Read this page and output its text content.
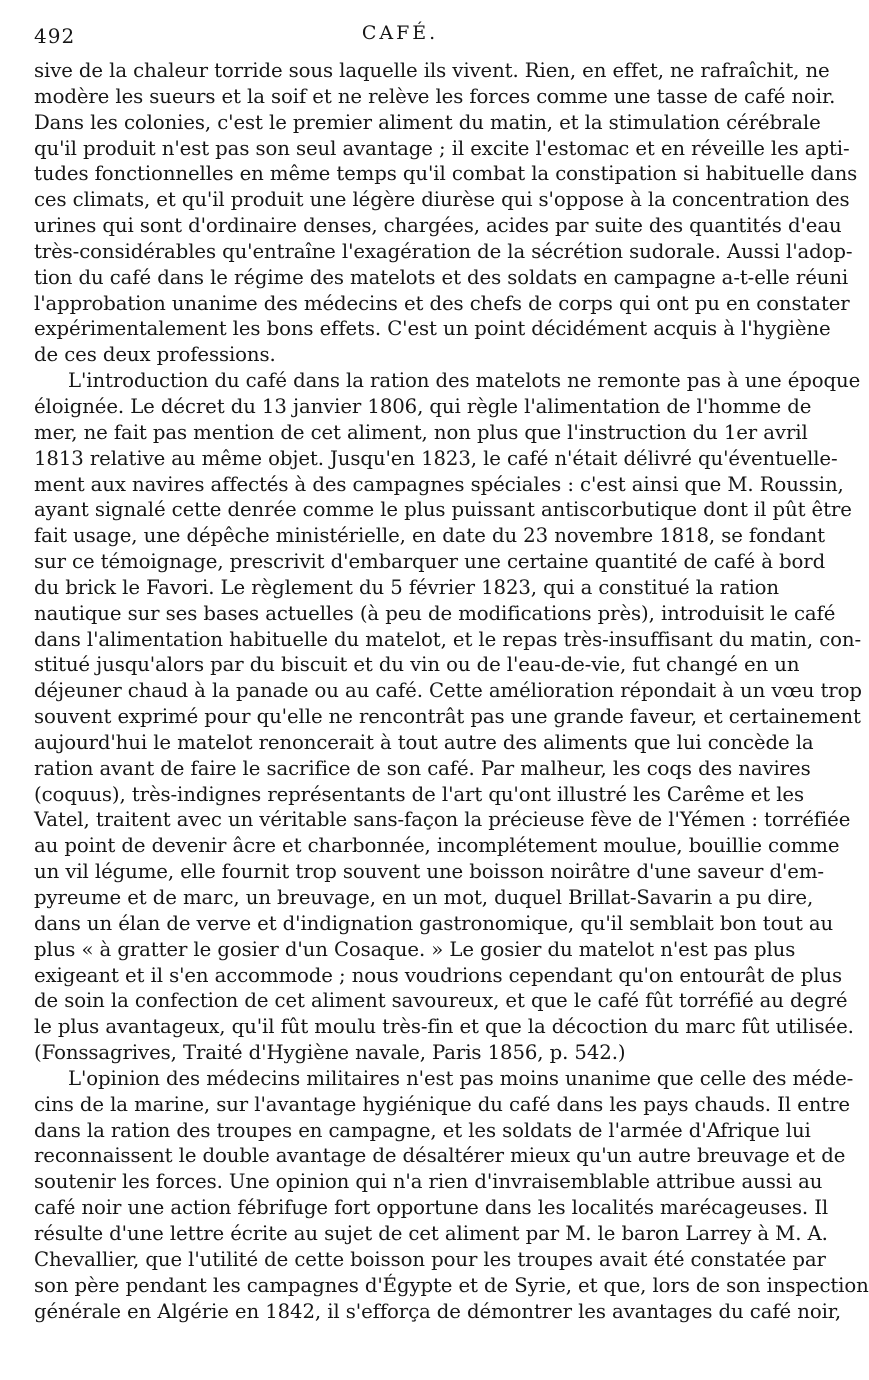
492	CAFÉ.
sive de la chaleur torride sous laquelle ils vivent. Rien, en effet, ne rafraîchit, ne
modère les sueurs et la soif et ne relève les forces comme une tasse de café noir.
Dans les colonies, c'est le premier aliment du matin, et la stimulation cérébrale
qu'il produit n'est pas son seul avantage ; il excite l'estomac et en réveille les apti-
tudes fonctionnelles en même temps qu'il combat la constipation si habituelle dans
ces climats, et qu'il produit une légère diurèse qui s'oppose à la concentration des
urines qui sont d'ordinaire denses, chargées, acides par suite des quantités d'eau
très-considérables qu'entraîne l'exagération de la sécrétion sudorale. Aussi l'adop-
tion du café dans le régime des matelots et des soldats en campagne a-t-elle réuni
l'approbation unanime des médecins et des chefs de corps qui ont pu en constater
expérimentalement les bons effets. C'est un point décidément acquis à l'hygiène
de ces deux professions.
L'introduction du café dans la ration des matelots ne remonte pas à une époque
éloignée. Le décret du 13 janvier 1806, qui règle l'alimentation de l'homme de
mer, ne fait pas mention de cet aliment, non plus que l'instruction du 1er avril
1813 relative au même objet. Jusqu'en 1823, le café n'était délivré qu'éventuelle-
ment aux navires affectés à des campagnes spéciales : c'est ainsi que M. Roussin,
ayant signalé cette denrée comme le plus puissant antiscorbutique dont il pût être
fait usage, une dépêche ministérielle, en date du 23 novembre 1818, se fondant
sur ce témoignage, prescrivit d'embarquer une certaine quantité de café à bord
du brick le Favori. Le règlement du 5 février 1823, qui a constitué la ration
nautique sur ses bases actuelles (à peu de modifications près), introduisit le café
dans l'alimentation habituelle du matelot, et le repas très-insuffisant du matin, con-
stitué jusqu'alors par du biscuit et du vin ou de l'eau-de-vie, fut changé en un
déjeuner chaud à la panade ou au café. Cette amélioration répondait à un vœu trop
souvent exprimé pour qu'elle ne rencontrât pas une grande faveur, et certainement
aujourd'hui le matelot renoncerait à tout autre des aliments que lui concède la
ration avant de faire le sacrifice de son café. Par malheur, les coqs des navires
(coquus), très-indignes représentants de l'art qu'ont illustré les Carême et les
Vatel, traitent avec un véritable sans-façon la précieuse fève de l'Yémen : torréfiée
au point de devenir âcre et charbonnée, incomplétement moulue, bouillie comme
un vil légume, elle fournit trop souvent une boisson noirâtre d'une saveur d'em-
pyreume et de marc, un breuvage, en un mot, duquel Brillat-Savarin a pu dire,
dans un élan de verve et d'indignation gastronomique, qu'il semblait bon tout au
plus « à gratter le gosier d'un Cosaque. » Le gosier du matelot n'est pas plus
exigeant et il s'en accommode ; nous voudrions cependant qu'on entourât de plus
de soin la confection de cet aliment savoureux, et que le café fût torréfié au degré
le plus avantageux, qu'il fût moulu très-fin et que la décoction du marc fût utilisée.
(Fonssagrives, Traité d'Hygiène navale, Paris 1856, p. 542.)
L'opinion des médecins militaires n'est pas moins unanime que celle des méde-
cins de la marine, sur l'avantage hygiénique du café dans les pays chauds. Il entre
dans la ration des troupes en campagne, et les soldats de l'armée d'Afrique lui
reconnaissent le double avantage de désaltérer mieux qu'un autre breuvage et de
soutenir les forces. Une opinion qui n'a rien d'invraisemblable attribue aussi au
café noir une action fébrifuge fort opportune dans les localités marécageuses. Il
résulte d'une lettre écrite au sujet de cet aliment par M. le baron Larrey à M. A.
Chevallier, que l'utilité de cette boisson pour les troupes avait été constatée par
son père pendant les campagnes d'Égypte et de Syrie, et que, lors de son inspection
générale en Algérie en 1842, il s'efforça de démontrer les avantages du café noir,
